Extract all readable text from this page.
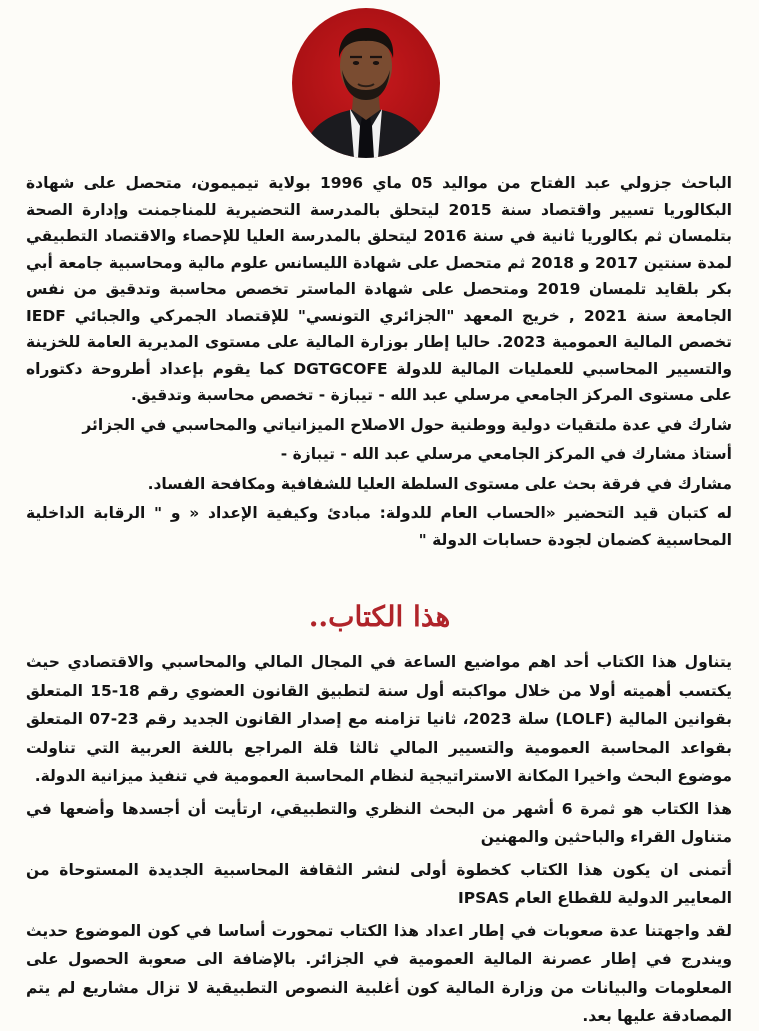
الباحث جزولي عبد الفتاح من مواليد 05 ماي 1996 بولاية تيميمون، متحصل على شهادة البكالوريا تسيير واقتصاد سنة 2015 ليتحلق بالمدرسة التحضيرية للمناجمنت وإدارة الصحة بتلمسان ثم بكالوريا ثانية في سنة 2016 ليتحلق بالمدرسة العليا للإحصاء والاقتصاد التطبيقي لمدة سنتين 2017 و 2018 ثم متحصل على شهادة الليسانس علوم مالية ومحاسبية جامعة أبي بكر بلقايد تلمسان 2019 ومتحصل على شهادة الماستر تخصص محاسبة وتدقيق من نفس الجامعة سنة 2021 , خريج المعهد "الجزائري التونسي" للإقتصاد الجمركي والجبائي IEDF تخصص المالية العمومية 2023. حاليا إطار بوزارة المالية على مستوى المديرية العامة للخزينة والتسيير المحاسبي للعمليات المالية للدولة DGTGCOFE كما يقوم بإعداد أطروحة دكتوراه على مستوى المركز الجامعي مرسلي عبد الله - تيبازة - تخصص محاسبة وتدقيق.

شارك في عدة ملتقيات دولية ووطنية حول الاصلاح الميزانياتي والمحاسبي في الجزائر

أستاذ مشارك في المركز الجامعي مرسلي عبد الله - تيبازة -

مشارك في فرقة بحث على مستوى السلطة العليا للشفافية ومكافحة الفساد.

له كتبان قيد التحضير «الحساب العام للدولة: مبادئ وكيفية الإعداد « و " الرقابة الداخلية المحاسبية كضمان لجودة حسابات الدولة "

هذا الكتاب..

يتناول هذا الكتاب أحد اهم مواضيع الساعة في المجال المالي والمحاسبي والاقتصادي حيث يكتسب أهميته أولا من خلال مواكبته أول سنة لتطبيق القانون العضوي رقم 18-15 المتعلق بقوانين المالية (LOLF) سلة 2023، ثانيا تزامنه مع إصدار القانون الجديد رقم 23-07 المتعلق بقواعد المحاسبة العمومية والتسيير المالي ثالثا قلة المراجع باللغة العربية التي تناولت موضوع البحث واخيرا المكانة الاستراتيجية لنظام المحاسبة العمومية في تنفيذ ميزانية الدولة.

هذا الكتاب هو ثمرة 6 أشهر من البحث النظري والتطبيقي، ارتأيت أن أجسدها وأضعها في متناول القراء والباحثين والمهنين

أتمنى ان يكون هذا الكتاب كخطوة أولى لنشر الثقافة المحاسبية الجديدة المستوحاة من المعايير الدولية للقطاع العام IPSAS

لقد واجهتنا عدة صعوبات في إطار اعداد هذا الكتاب تمحورت أساسا في كون الموضوع حديث ويندرج في إطار عصرنة المالية العمومية في الجزائر. بالإضافة الى صعوبة الحصول على المعلومات والبيانات من وزارة المالية كون أغلبية النصوص التطبيقية لا تزال مشاريع لم يتم المصادقة عليها بعد.
